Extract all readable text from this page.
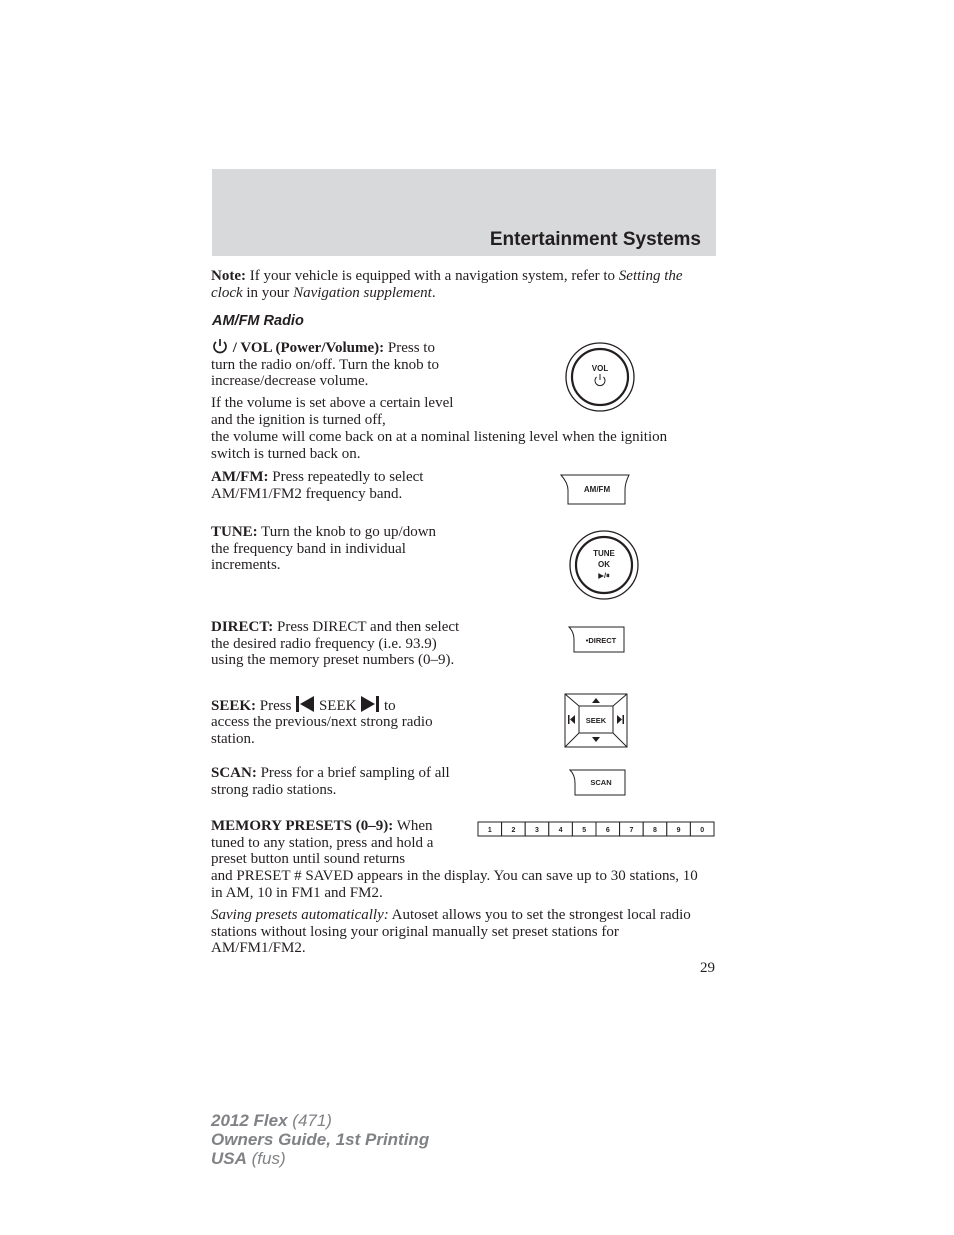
Entertainment Systems

Note: If your vehicle is equipped with a navigation system, refer to Setting the clock in your Navigation supplement.

AM/FM Radio

/ VOL (Power/Volume): Press to turn the radio on/off. Turn the knob to increase/decrease volume.

VOL

If the volume is set above a certain level and the ignition is turned off,

the volume will come back on at a nominal listening level when the ignition switch is turned back on.

AM/FM: Press repeatedly to select AM/FM1/FM2 frequency band.	AM/FM

TUNE: Turn the knob to go up/down the frequency band in individual increments.

TUNE
OK
▶/⏸

DIRECT: Press DIRECT and then select the desired radio frequency (i.e. 93.9) using the memory preset numbers (0–9).

•DIRECT

SEEK: Press  SEEK  to

access the previous/next strong radio station.

SEEK

SCAN: Press for a brief sampling of all strong radio stations.	SCAN

MEMORY PRESETS (0–9): When tuned to any station, press and hold a preset button until sound returns

1	2	3	4	5	6	7	8	9	0

and PRESET # SAVED appears in the display. You can save up to 30 stations, 10 in AM, 10 in FM1 and FM2.

Saving presets automatically: Autoset allows you to set the strongest local radio stations without losing your original manually set preset stations for AM/FM1/FM2.

29
2012 Flex (471)
Owners Guide, 1st Printing
USA (fus)
